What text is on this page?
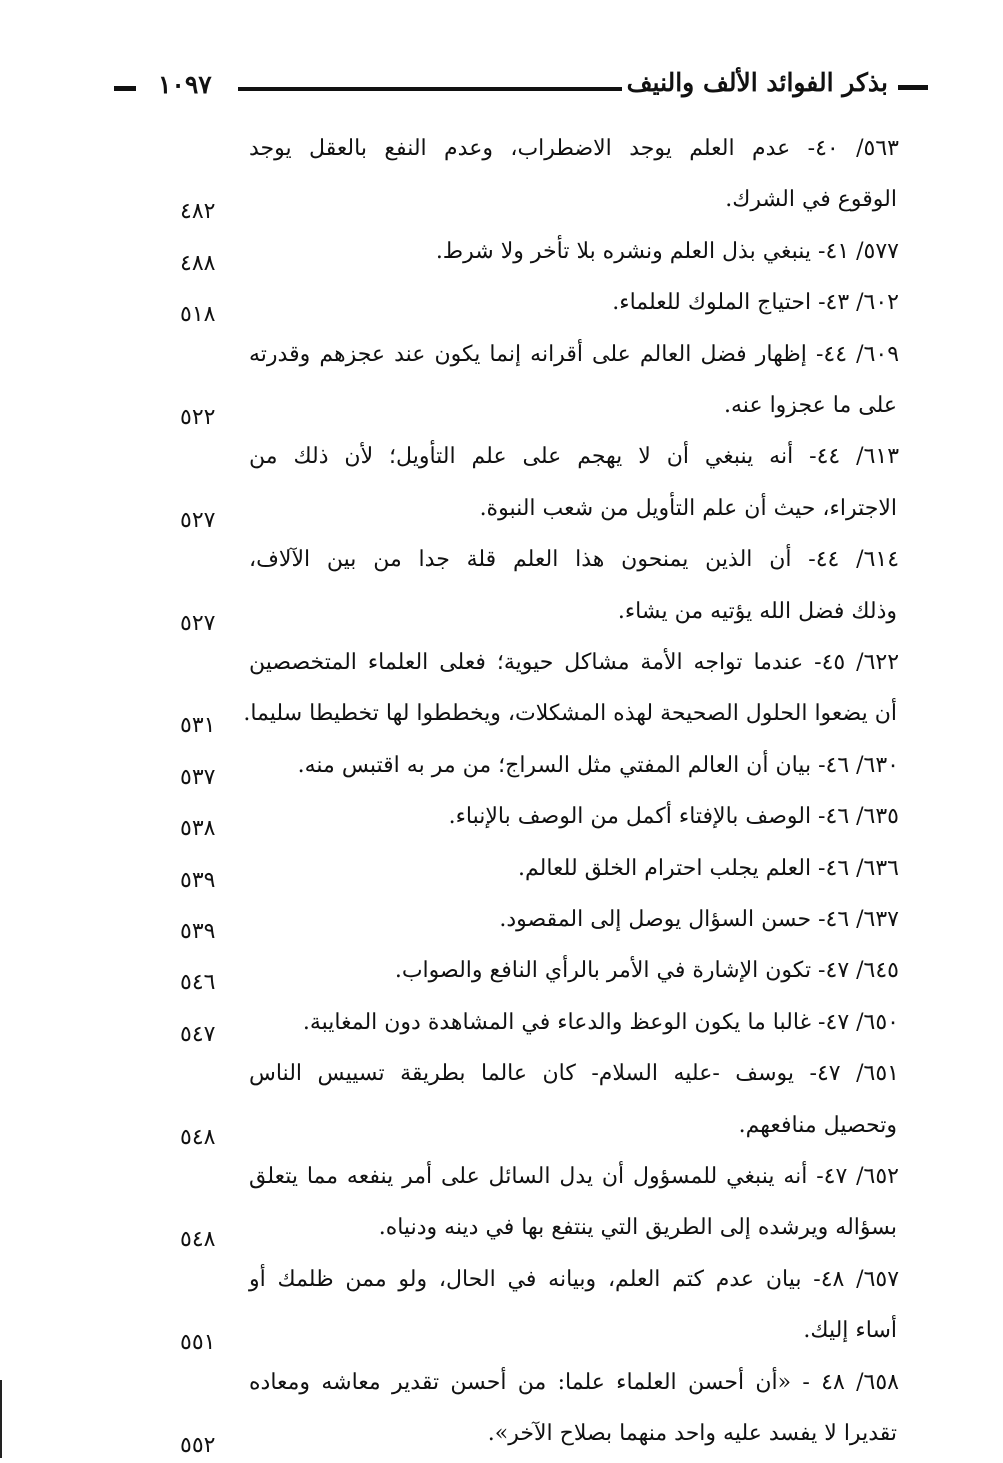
بذكر الفوائد الألف والنيف
١٠٩٧
٥٦٣/ ٤٠- عدم العلم يوجد الاضطراب، وعدم النفع بالعقل يوجد
الوقوع في الشرك.
٤٨٢
٥٧٧/ ٤١- ينبغي بذل العلم ونشره بلا تأخر ولا شرط.
٤٨٨
٦٠٢/ ٤٣- احتياج الملوك للعلماء.
٥١٨
٦٠٩/ ٤٤- إظهار فضل العالم على أقرانه إنما يكون عند عجزهم وقدرته
على ما عجزوا عنه.
٥٢٢
٦١٣/ ٤٤- أنه ينبغي أن لا يهجم على علم التأويل؛ لأن ذلك من
الاجتراء، حيث أن علم التأويل من شعب النبوة.
٥٢٧
٦١٤/ ٤٤- أن الذين يمنحون هذا العلم قلة جدا من بين الآلاف،
وذلك فضل الله يؤتيه من يشاء.
٥٢٧
٦٢٢/ ٤٥- عندما تواجه الأمة مشاكل حيوية؛ فعلى العلماء المتخصصين
أن يضعوا الحلول الصحيحة لهذه المشكلات، ويخططوا لها تخطيطا سليما.
٥٣١
٦٣٠/ ٤٦- بيان أن العالم المفتي مثل السراج؛ من مر به اقتبس منه.
٥٣٧
٦٣٥/ ٤٦- الوصف بالإفتاء أكمل من الوصف بالإنباء.
٥٣٨
٦٣٦/ ٤٦- العلم يجلب احترام الخلق للعالم.
٥٣٩
٦٣٧/ ٤٦- حسن السؤال يوصل إلى المقصود.
٥٣٩
٦٤٥/ ٤٧- تكون الإشارة في الأمر بالرأي النافع والصواب.
٥٤٦
٦٥٠/ ٤٧- غالبا ما يكون الوعظ والدعاء في المشاهدة دون المغايبة.
٥٤٧
٦٥١/ ٤٧- يوسف -عليه السلام- كان عالما بطريقة تسييس الناس
وتحصيل منافعهم.
٥٤٨
٦٥٢/ ٤٧- أنه ينبغي للمسؤول أن يدل السائل على أمر ينفعه مما يتعلق
بسؤاله ويرشده إلى الطريق التي ينتفع بها في دينه ودنياه.
٥٤٨
٦٥٧/ ٤٨- بيان عدم كتم العلم، وبيانه في الحال، ولو ممن ظلمك أو
أساء إليك.
٥٥١
٦٥٨/ ٤٨ - «أن أحسن العلماء علما: من أحسن تقدير معاشه ومعاده
تقديرا لا يفسد عليه واحد منهما بصلاح الآخر».
٥٥٢
